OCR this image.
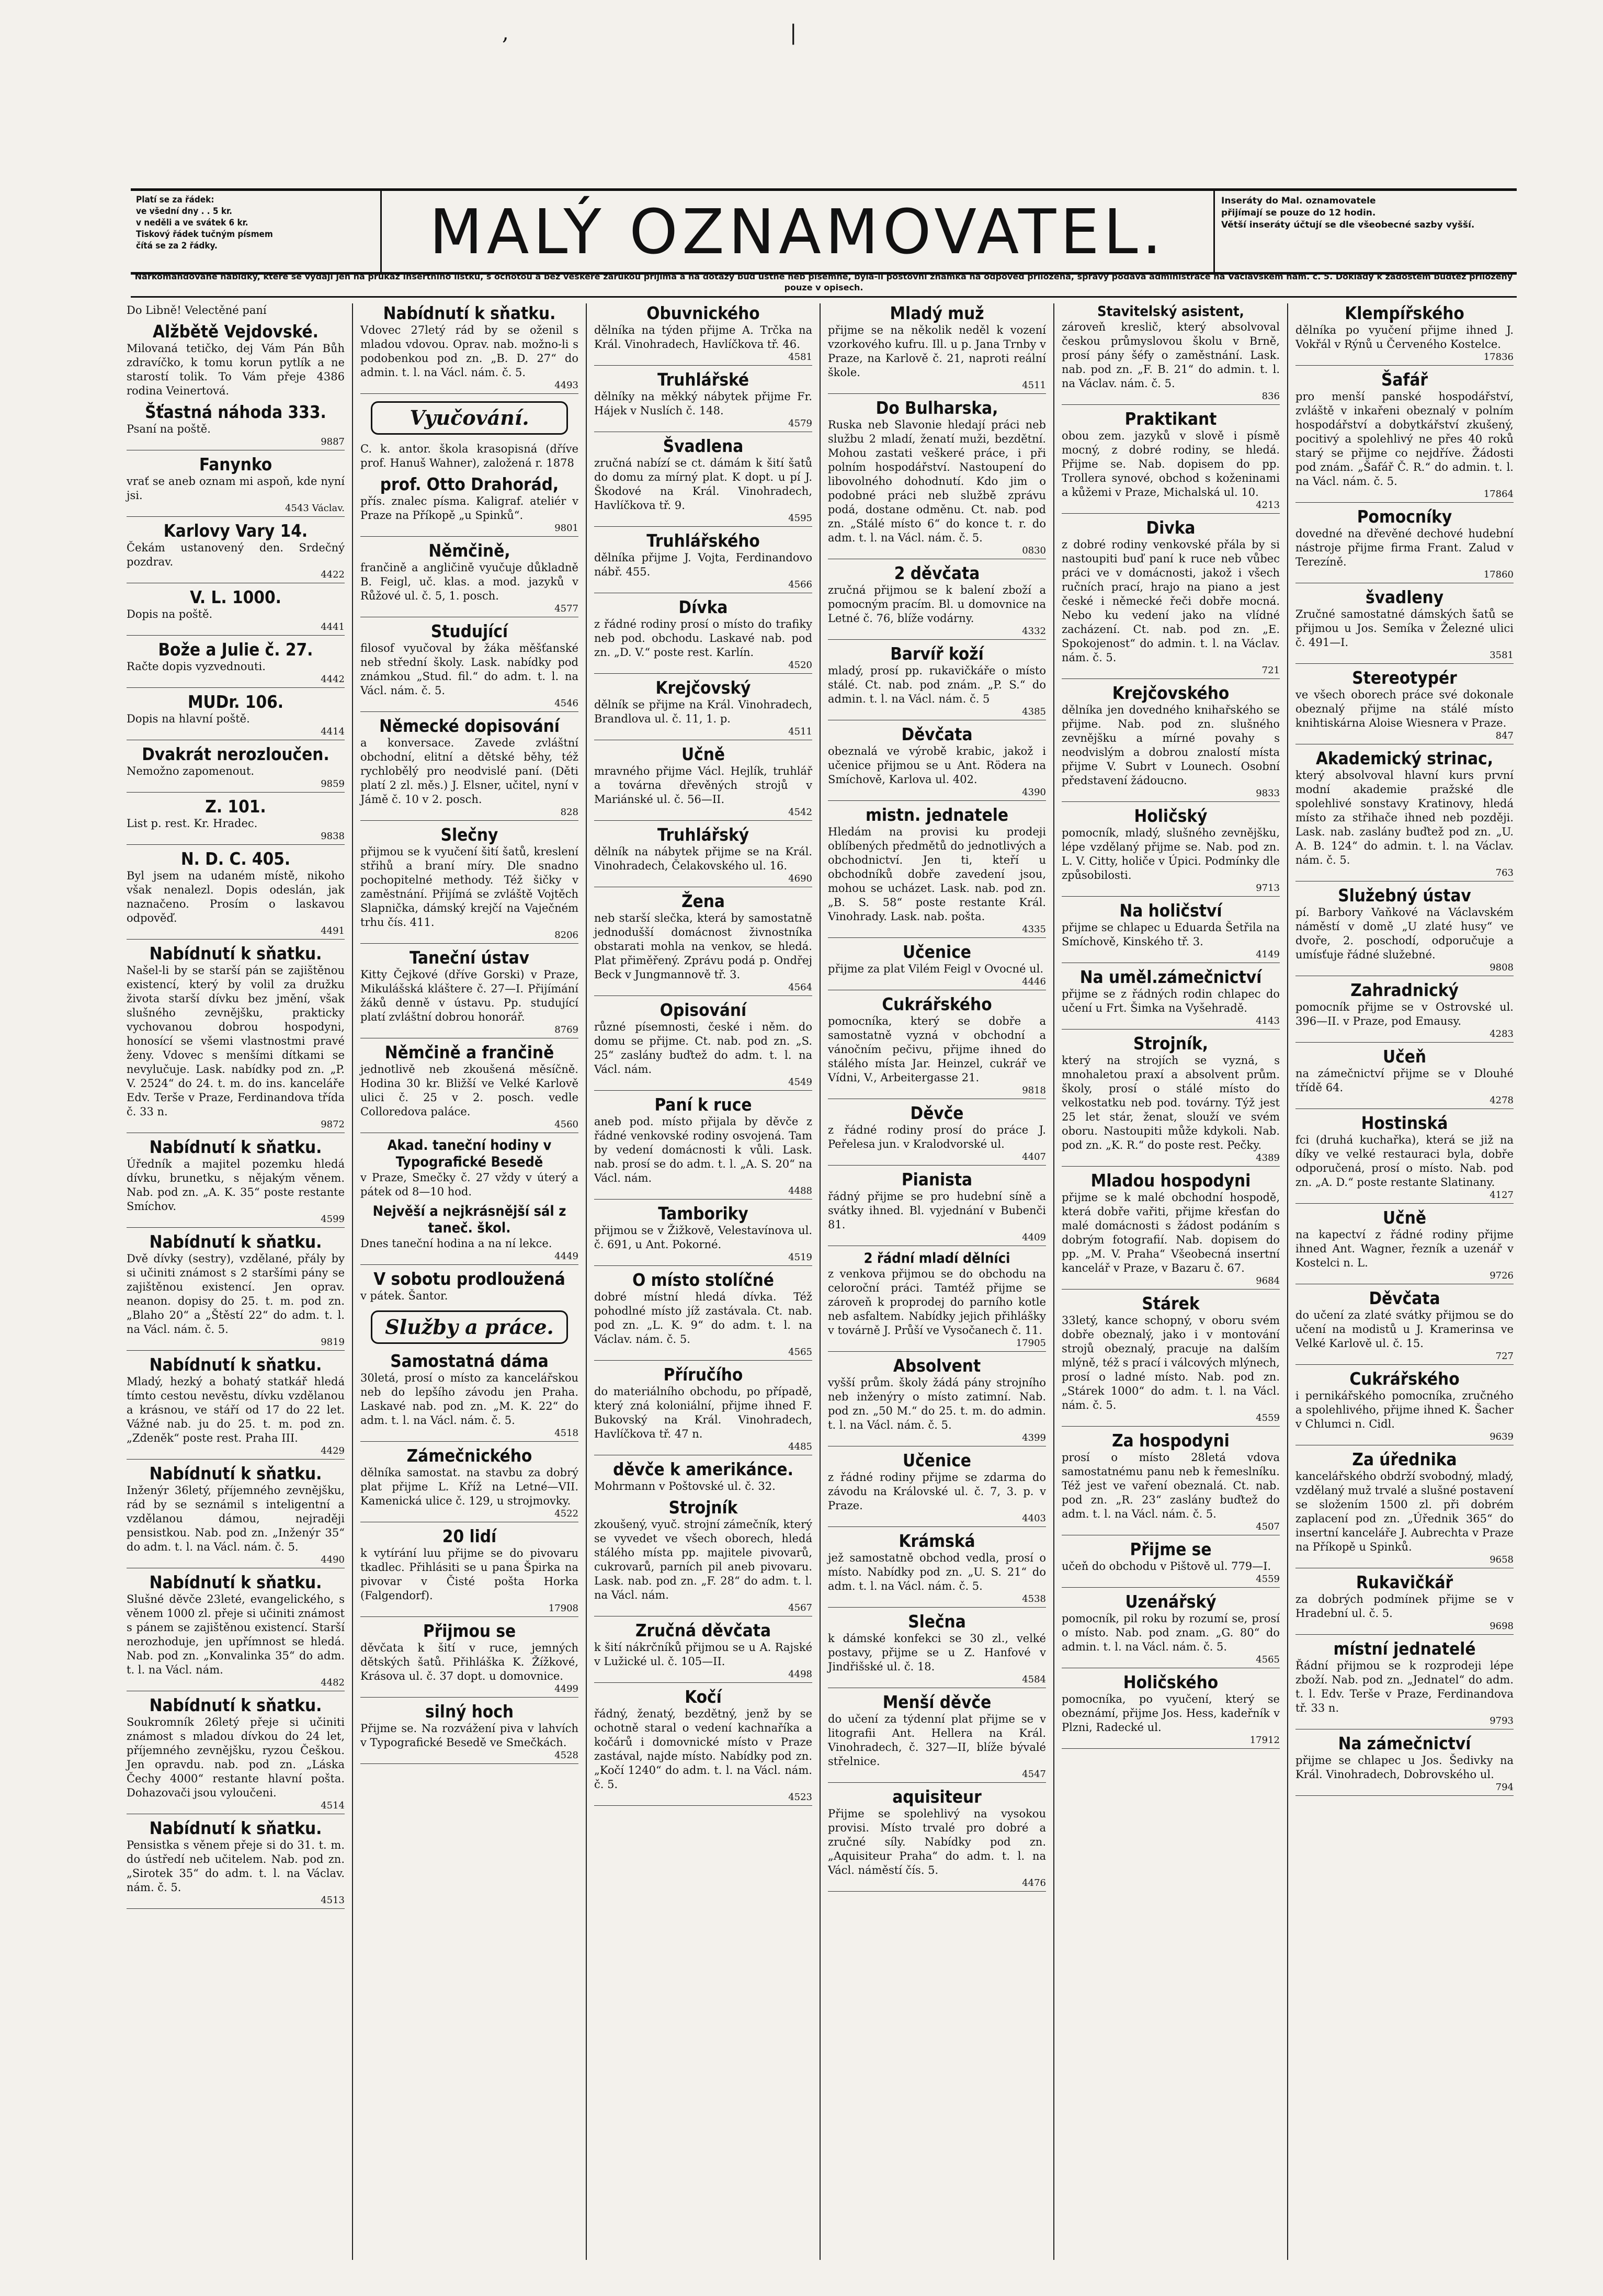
,	|
Platí se za řádek:
ve všední dny . . 5 kr.
v neděli a ve svátek 6 kr.
Tiskový řádek tučným písmem
čítá se za 2 řádky.	MALÝ OZNAMOVATEL.	Inseráty do Mal. oznamovatele
přijímají se pouze do 12 hodin.
Větší inseráty účtují se dle všeobecné sazby vyšší.
Narkomandované nabídky, které se vydají jen na průkaz insertního lístku, s ochotou a bez veškeré zárukou přijímá a na dotazy buď ústně neb písemně, byla-li poštovní známka na odpověď přiložena, správy podává administrace na Václavském nám. č. 5. Doklady k žádostem buďtež přiloženy pouze v opisech.
Do Libně! Velectěné paní
Alžbětě Vejdovské.
Milovaná tetičko, dej Vám Pán Bůh zdravíčko, k tomu korun pytlík a ne starostí tolik. To Vám přeje 4386 rodina Veinertová.
Šťastná náhoda 333.
Psaní na poště.
9887
Fanynko
vrať se aneb oznam mi aspoň, kde nyní jsi.
4543 Václav.
Karlovy Vary 14.
Čekám ustanovený den. Srdečný pozdrav.
4422
V. L. 1000.
Dopis na poště.
4441
Bože a Julie č. 27.
Račte dopis vyzvednouti.
4442
MUDr. 106.
Dopis na hlavní poště.
4414
Dvakrát nerozloučen.
Nemožno zapomenout.
9859
Z. 101.
List p. rest. Kr. Hradec.
9838
N. D. C. 405.
Byl jsem na udaném místě, nikoho však nenalezl. Dopis odeslán, jak naznačeno. Prosím o laskavou odpověď.
4491
Nabídnutí k sňatku.
Našel-li by se starší pán se zajištěnou existencí, který by volil za družku života starší dívku bez jmění, však slušného zevnějšku, prakticky vychovanou dobrou hospodyni, honosící se všemi vlastnostmi pravé ženy. Vdovec s menšími dítkami se nevylučuje. Lask. nabídky pod zn. „P. V. 2524“ do 24. t. m. do ins. kanceláře Edv. Terše v Praze, Ferdinandova třída č. 33 n.
9872
Nabídnutí k sňatku.
Úředník a majitel pozemku hledá dívku, brunetku, s nějakým věnem. Nab. pod zn. „A. K. 35“ poste restante Smíchov.
4599
Nabídnutí k sňatku.
Dvě dívky (sestry), vzdělané, přály by si učiniti známost s 2 staršími pány se zajištěnou existencí. Jen oprav. neanon. dopisy do 25. t. m. pod zn. „Blaho 20“ a „Štěstí 22“ do adm. t. l. na Václ. nám. č. 5.
9819
Nabídnutí k sňatku.
Mladý, hezký a bohatý statkář hledá tímto cestou nevěstu, dívku vzdělanou a krásnou, ve stáří od 17 do 22 let. Vážné nab. ju do 25. t. m. pod zn. „Zdeněk“ poste rest. Praha III.
4429
Nabídnutí k sňatku.
Inženýr 36letý, příjemného zevnějšku, rád by se seznámil s inteligentní a vzdělanou dámou, nejraději pensistkou. Nab. pod zn. „Inženýr 35“ do adm. t. l. na Václ. nám. č. 5.
4490
Nabídnutí k sňatku.
Slušné děvče 23leté, evangelického, s věnem 1000 zl. přeje si učiniti známost s pánem se zajištěnou existencí. Starší nerozhoduje, jen upřímnost se hledá. Nab. pod zn. „Konvalinka 35“ do adm. t. l. na Václ. nám.
4482
Nabídnutí k sňatku.
Soukromník 26letý přeje si učiniti známost s mladou dívkou do 24 let, příjemného zevnějšku, ryzou Češkou. Jen opravdu. nab. pod zn. „Láska Čechy 4000“ restante hlavní pošta. Dohazovači jsou vyloučeni.
4514
Nabídnutí k sňatku.
Pensistka s věnem přeje si do 31. t. m. do ústředí neb učitelem. Nab. pod zn. „Sirotek 35“ do adm. t. l. na Václav. nám. č. 5.
4513
Nabídnutí k sňatku.
Vdovec 27letý rád by se oženil s mladou vdovou. Oprav. nab. možno-li s podobenkou pod zn. „B. D. 27“ do admin. t. l. na Václ. nám. č. 5.
4493
Vyučování.
C. k. antor. škola krasopisná (dříve prof. Hanuš Wahner), založená r. 1878
prof. Otto Drahorád,
přís. znalec písma. Kaligraf. ateliér v Praze na Příkopě „u Spinků“.
9801
Němčině,
frančině a angličině vyučuje důkladně B. Feigl, uč. klas. a mod. jazyků v Růžové ul. č. 5, 1. posch.
4577
Studující
filosof vyučoval by žáka měšťanské neb střední školy. Lask. nabídky pod známkou „Stud. fil.“ do adm. t. l. na Václ. nám. č. 5.
4546
Německé dopisování
a konversace. Zavede zvláštní obchodní, elitní a dětské běhy, též rychlobělý pro neodvislé paní. (Děti platí 2 zl. měs.) J. Elsner, učitel, nyní v Jámě č. 10 v 2. posch.
828
Slečny
přijmou se k vyučení šití šatů, kreslení střihů a braní míry. Dle snadno pochopitelné methody. Též šičky v zaměstnání. Přijímá se zvláště Vojtěch Slapnička, dámský krejčí na Vaječném trhu čís. 411.
8206
Taneční ústav
Kitty Čejkové (dříve Gorski) v Praze, Mikulášská kláštere č. 27—I. Přijímání žáků denně v ústavu. Pp. studující platí zvláštní dobrou honorář.
8769
Němčině a frančině
jednotlivě neb zkoušená měsíčně. Hodina 30 kr. Bližší ve Velké Karlově ulici č. 25 v 2. posch. vedle Colloredova paláce.
4560
Akad. taneční hodiny v Typografické Besedě
v Praze, Smečky č. 27 vždy v úterý a pátek od 8—10 hod.
Nejvěší a nejkrásnější sál z taneč. škol.
Dnes taneční hodina a na ní lekce.
4449
V sobotu prodloužená
v pátek. Šantor.
Služby a práce.
Samostatná dáma
30letá, prosí o místo za kancelářskou neb do lepšího závodu jen Praha. Laskavé nab. pod zn. „M. K. 22“ do adm. t. l. na Václ. nám. č. 5.
4518
Zámečnického
dělníka samostat. na stavbu za dobrý plat přijme L. Kříž na Letné—VII. Kamenická ulice č. 129, u strojmovky.
4522
20 lidí
k vytírání luu přijme se do pivovaru tkadlec. Přihlásiti se u pana Špirka na pivovar v Čisté pošta Horka (Falgendorf).
17908
Přijmou se
děvčata k šití v ruce, jemných dětských šatů. Přihláška K. Žížkové, Krásova ul. č. 37 dopt. u domovnice.
4499
silný hoch
Přijme se. Na rozvážení piva v lahvích v Typografické Besedě ve Smečkách.
4528
Obuvnického
dělníka na týden přijme A. Trčka na Král. Vinohradech, Havlíčkova tř. 46.
4581
Truhlářské
dělníky na měkký nábytek přijme Fr. Hájek v Nuslích č. 148.
4579
Švadlena
zručná nabízí se ct. dámám k šití šatů do domu za mírný plat. K dopt. u pí J. Škodové na Král. Vinohradech, Havlíčkova tř. 9.
4595
Truhlářského
dělníka přijme J. Vojta, Ferdinandovo nábř. 455.
4566
Dívka
z řádné rodiny prosí o místo do trafiky neb pod. obchodu. Laskavé nab. pod zn. „D. V.“ poste rest. Karlín.
4520
Krejčovský
dělník se přijme na Král. Vinohradech, Brandlova ul. č. 11, 1. p.
4511
Učně
mravného přijme Václ. Hejlík, truhlář a továrna dřevěných strojů v Mariánské ul. č. 56—II.
4542
Truhlářský
dělník na nábytek přijme se na Král. Vinohradech, Čelakovského ul. 16.
4690
Žena
neb starší slečka, která by samostatně jednodušší domácnost živnostníka obstarati mohla na venkov, se hledá. Plat přiměřený. Zprávu podá p. Ondřej Beck v Jungmannově tř. 3.
4564
Opisování
různé písemnosti, české i něm. do domu se přijme. Ct. nab. pod zn. „S. 25“ zaslány buďtež do adm. t. l. na Václ. nám.
4549
Paní k ruce
aneb pod. místo přijala by děvče z řádné venkovské rodiny osvojená. Tam by vedení domácnosti k vůli. Lask. nab. prosí se do adm. t. l. „A. S. 20“ na Václ. nám.
4488
Tamboriky
přijmou se v Žižkově, Velestavínova ul. č. 691, u Ant. Pokorné.
4519
O místo stolíčné
dobré místní hledá dívka. Též pohodlné místo jíž zastávala. Ct. nab. pod zn. „L. K. 9“ do adm. t. l. na Václav. nám. č. 5.
4565
Příručího
do materiálního obchodu, po případě, který zná koloniální, přijme ihned F. Bukovský na Král. Vinohradech, Havlíčkova tř. 47 n.
4485
děvče k amerikánce.
Mohrmann v Poštovské ul. č. 32.
Strojník
zkoušený, vyuč. strojní zámečník, který se vyvedet ve všech oborech, hledá stálého místa pp. majitele pivovarů, cukrovarů, parních pil aneb pivovaru. Lask. nab. pod zn. „F. 28“ do adm. t. l. na Václ. nám.
4567
Zručná děvčata
k šití nákrčníků přijmou se u A. Rajské v Lužické ul. č. 105—II.
4498
Kočí
řádný, ženatý, bezdětný, jenž by se ochotně staral o vedení kachnaříka a kočárů i domovnické místo v Praze zastával, najde místo. Nabídky pod zn. „Kočí 1240“ do adm. t. l. na Václ. nám. č. 5.
4523
Mladý muž
přijme se na několik neděl k vození vzorkového kufru. Ill. u p. Jana Trnby v Praze, na Karlově č. 21, naproti reální škole.
4511
Do Bulharska,
Ruska neb Slavonie hledají práci neb službu 2 mladí, ženatí muži, bezdětní. Mohou zastati veškeré práce, i při polním hospodářství. Nastoupení do libovolného dohodnutí. Kdo jim o podobné práci neb službě zprávu podá, dostane odměnu. Ct. nab. pod zn. „Stálé místo 6“ do konce t. r. do adm. t. l. na Václ. nám. č. 5.
0830
2 děvčata
zručná přijmou se k balení zboží a pomocným pracím. Bl. u domovnice na Letné č. 76, blíže vodárny.
4332
Barvíř koží
mladý, prosí pp. rukavičkáře o místo stálé. Ct. nab. pod znám. „P. S.“ do admin. t. l. na Václ. nám. č. 5
4385
Děvčata
obeznalá ve výrobě krabic, jakož i učenice přijmou se u Ant. Rödera na Smíchově, Karlova ul. 402.
4390
mistn. jednatele
Hledám na provisi ku prodeji oblíbených předmětů do jednotlivých a obchodnictví. Jen ti, kteří u obchodníků dobře zavedení jsou, mohou se ucházet. Lask. nab. pod zn. „B. S. 58“ poste restante Král. Vinohrady. Lask. nab. pošta.
4335
Učenice
přijme za plat Vilém Feigl v Ovocné ul.
4446
Cukrářského
pomocníka, který se dobře a samostatně vyzná v obchodní a vánočním pečivu, přijme ihned do stálého místa Jar. Heinzel, cukrář ve Vídni, V., Arbeitergasse 21.
9818
Děvče
z řádné rodiny prosí do práce J. Peřelesa jun. v Kralodvorské ul.
4407
Pianista
řádný přijme se pro hudební síně a svátky ihned. Bl. vyjednání v Bubenči 81.
4409
2 řádní mladí dělníci
z venkova přijmou se do obchodu na celoroční práci. Tamtéž přijme se zároveň k proprodej do parního kotle neb asfaltem. Nabídky jejich přihlášky v továrně J. Průší ve Vysočanech č. 11.
17905
Absolvent
vyšší prům. školy žádá pány strojního neb inženýry o místo zatimní. Nab. pod zn. „50 M.“ do 25. t. m. do admin. t. l. na Václ. nám. č. 5.
4399
Učenice
z řádné rodiny přijme se zdarma do závodu na Královské ul. č. 7, 3. p. v Praze.
4403
Krámská
jež samostatně obchod vedla, prosí o místo. Nabídky pod zn. „U. S. 21“ do adm. t. l. na Václ. nám. č. 5.
4538
Slečna
k dámské konfekci se 30 zl., velké postavy, přijme se u Z. Hanfové v Jindřišské ul. č. 18.
4584
Menší děvče
do učení za týdenní plat přijme se v litografii Ant. Hellera na Král. Vinohradech, č. 327—II, blíže bývalé střelnice.
4547
aquisiteur
Přijme se spolehlivý na vysokou provisi. Místo trvalé pro dobré a zručné síly. Nabídky pod zn. „Aquisiteur Praha“ do adm. t. l. na Václ. náměstí čís. 5.
4476
Stavitelský asistent,
zároveň kreslič, který absolvoval českou průmyslovou školu v Brně, prosí pány šéfy o zaměstnání. Lask. nab. pod zn. „F. B. 21“ do admin. t. l. na Václav. nám. č. 5.
836
Praktikant
obou zem. jazyků v slově i písmě mocný, z dobré rodiny, se hledá. Přijme se. Nab. dopisem do pp. Trollera synové, obchod s koženinami a kůžemi v Praze, Michalská ul. 10.
4213
Divka
z dobré rodiny venkovské přála by si nastoupiti buď paní k ruce neb vůbec práci ve v domácnosti, jakož i všech ručních prací, hrajo na piano a jest české i německé řeči dobře mocná. Nebo ku vedení jako na vlídné zacházení. Ct. nab. pod zn. „E. Spokojenost“ do admin. t. l. na Václav. nám. č. 5.
721
Krejčovského
dělníka jen dovedného knihařského se přijme. Nab. pod zn. slušného zevnějšku a mírné povahy s neodvislým a dobrou znalostí místa přijme V. Subrt v Lounech. Osobní představení žádoucno.
9833
Holičský
pomocník, mladý, slušného zevnějšku, lépe vzdělaný přijme se. Nab. pod zn. L. V. Citty, holiče v Úpici. Podmínky dle způsobilosti.
9713
Na holičství
přijme se chlapec u Eduarda Šetřila na Smíchově, Kinského tř. 3.
4149
Na uměl.zámečnictví
přijme se z řádných rodin chlapec do učení u Frt. Šimka na Vyšehradě.
4143
Strojník,
který na strojích se vyzná, s mnohaletou praxí a absolvent prům. školy, prosí o stálé místo do velkostatku neb pod. továrny. Týž jest 25 let stár, ženat, slouží ve svém oboru. Nastoupiti může kdykoli. Nab. pod zn. „K. R.“ do poste rest. Pečky.
4389
Mladou hospodyni
přijme se k malé obchodní hospodě, která dobře vařiti, přijme křesťan do malé domácnosti s žádost podáním s dobrým fotografií. Nab. dopisem do pp. „M. V. Praha“ Všeobecná insertní kancelář v Praze, v Bazaru č. 67.
9684
Stárek
33letý, kance schopný, v oboru svém dobře obeznalý, jako i v montování strojů obeznalý, pracuje na dalším mlýně, též s prací i válcových mlýnech, prosí o ladné místo. Nab. pod zn. „Stárek 1000“ do adm. t. l. na Václ. nám. č. 5.
4559
Za hospodyni
prosí o místo 28letá vdova samostatnému panu neb k řemeslníku. Též jest ve vaření obeznalá. Ct. nab. pod zn. „R. 23“ zaslány buďtež do adm. t. l. na Václ. nám. č. 5.
4507
Přijme se
učeň do obchodu v Pištově ul. 779—I.
4559
Uzenářský
pomocník, pil roku by rozumí se, prosí o místo. Nab. pod znam. „G. 80“ do admin. t. l. na Václ. nám. č. 5.
4565
Holičského
pomocníka, po vyučení, který se obeznámí, přijme Jos. Hess, kadeřník v Plzni, Radecké ul.
17912
Klempířského
dělníka po vyučení přijme ihned J. Vokřál v Rýnů u Červeného Kostelce.
17836
Šafář
pro menší panské hospodářství, zvláště v inkařeni obeznalý v polním hospodářství a dobytkářství zkušený, pocitivý a spolehlivý ne přes 40 roků starý se přijme co nejdříve. Žádosti pod znám. „Šafář Č. R.“ do admin. t. l. na Václ. nám. č. 5.
17864
Pomocníky
dovedné na dřevěné dechové hudební nástroje přijme firma Frant. Zalud v Terezíně.
17860
švadleny
Zručné samostatné dámských šatů se přijmou u Jos. Semíka v Železné ulici č. 491—I.
3581
Stereotypér
ve všech oborech práce své dokonale obeznalý přijme na stálé místo knihtiskárna Aloise Wiesnera v Praze.
847
Akademický strinac,
který absolvoval hlavní kurs první modní akademie pražské dle spolehlivé sonstavy Kratinovy, hledá místo za střihače ihned neb později. Lask. nab. zaslány buďtež pod zn. „U. A. B. 124“ do admin. t. l. na Václav. nám. č. 5.
763
Služebný ústav
pí. Barbory Vaňkové na Václavském náměstí v domě „U zlaté husy“ ve dvoře, 2. poschodí, odporučuje a umísťuje řádné služebné.
9808
Zahradnický
pomocník přijme se v Ostrovské ul. 396—II. v Praze, pod Emausy.
4283
Učeň
na zámečnictví přijme se v Dlouhé třídě 64.
4278
Hostinská
fci (druhá kuchařka), která se již na díky ve velké restauraci byla, dobře odporučená, prosí o místo. Nab. pod zn. „A. D.“ poste restante Slatinany.
4127
Učně
na kapectví z řádné rodiny přijme ihned Ant. Wagner, řezník a uzenář v Kostelci n. L.
9726
Děvčata
do učení za zlaté svátky přijmou se do učení na modistů u J. Kramerinsa ve Velké Karlově ul. č. 15.
727
Cukrářského
i pernikářského pomocníka, zručného a spolehlivého, přijme ihned K. Šacher v Chlumci n. Cidl.
9639
Za úřednika
kancelářského obdrží svobodný, mladý, vzdělaný muž trvalé a slušné postavení se složením 1500 zl. při dobrém zaplacení pod zn. „Úřednik 365“ do insertní kanceláře J. Aubrechta v Praze na Příkopě u Spinků.
9658
Rukavičkář
za dobrých podmínek přijme se v Hradební ul. č. 5.
9698
místní jednatelé
Řádní přijmou se k rozprodeji lépe zboží. Nab. pod zn. „Jednatel“ do adm. t. l. Edv. Terše v Praze, Ferdinandova tř. 33 n.
9793
Na zámečnictví
přijme se chlapec u Jos. Šedivky na Král. Vinohradech, Dobrovského ul.
794
